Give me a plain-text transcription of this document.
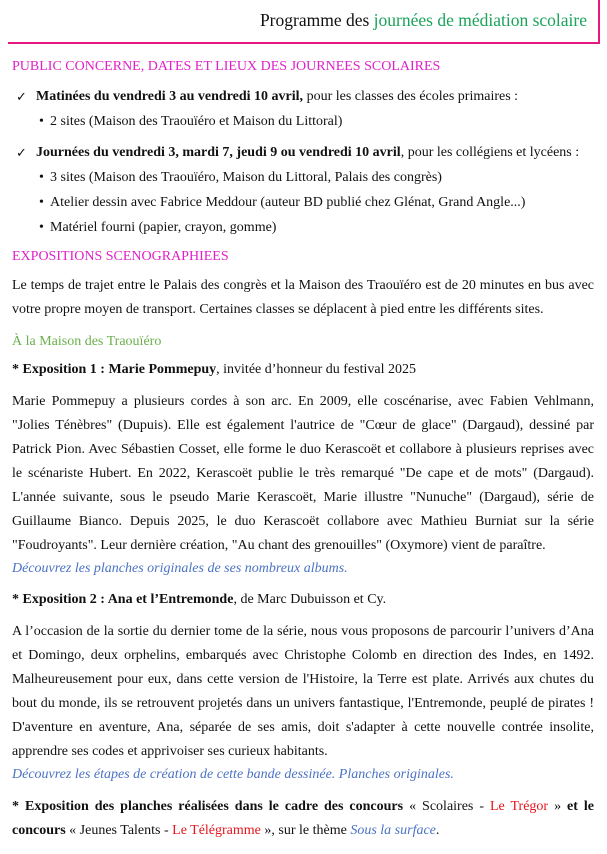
Programme des journées de médiation scolaire
PUBLIC CONCERNE, DATES ET LIEUX DES JOURNEES SCOLAIRES
✓ Matinées du vendredi 3 au vendredi 10 avril, pour les classes des écoles primaires :
• 2 sites (Maison des Traouïéro et Maison du Littoral)
✓ Journées du vendredi 3, mardi 7, jeudi 9 ou vendredi 10 avril, pour les collégiens et lycéens :
• 3 sites (Maison des Traouïéro, Maison du Littoral, Palais des congrès)
• Atelier dessin avec Fabrice Meddour (auteur BD publié chez Glénat, Grand Angle...)
• Matériel fourni (papier, crayon, gomme)
EXPOSITIONS SCENOGRAPHIEES

Le temps de trajet entre le Palais des congrès et la Maison des Traouïéro est de 20 minutes en bus avec votre propre moyen de transport. Certaines classes se déplacent à pied entre les différents sites.

À la Maison des Traouïéro
* Exposition 1 : Marie Pommepuy, invitée d’honneur du festival 2025

Marie Pommepuy a plusieurs cordes à son arc. En 2009, elle coscénarise, avec Fabien Vehlmann, "Jolies Ténèbres" (Dupuis). Elle est également l'autrice de "Cœur de glace" (Dargaud), dessiné par Patrick Pion. Avec Sébastien Cosset, elle forme le duo Kerascoët et collabore à plusieurs reprises avec le scénariste Hubert. En 2022, Kerascoët publie le très remarqué "De cape et de mots" (Dargaud). L'année suivante, sous le pseudo Marie Kerascoët, Marie illustre "Nunuche" (Dargaud), série de Guillaume Bianco. Depuis 2025, le duo Kerascoët collabore avec Mathieu Burniat sur la série "Foudroyants". Leur dernière création, "Au chant des grenouilles" (Oxymore) vient de paraître.

Découvrez les planches originales de ses nombreux albums.
* Exposition 2 : Ana et l’Entremonde, de Marc Dubuisson et Cy.

A l’occasion de la sortie du dernier tome de la série, nous vous proposons de parcourir l’univers d’Ana et Domingo, deux orphelins, embarqués avec Christophe Colomb en direction des Indes, en 1492. Malheureusement pour eux, dans cette version de l'Histoire, la Terre est plate. Arrivés aux chutes du bout du monde, ils se retrouvent projetés dans un univers fantastique, l'Entremonde, peuplé de pirates ! D'aventure en aventure, Ana, séparée de ses amis, doit s'adapter à cette nouvelle contrée insolite, apprendre ses codes et apprivoiser ses curieux habitants.

Découvrez les étapes de création de cette bande dessinée. Planches originales.

* Exposition des planches réalisées dans le cadre des concours « Scolaires - Le Trégor » et le concours « Jeunes Talents - Le Télégramme », sur le thème Sous la surface.
